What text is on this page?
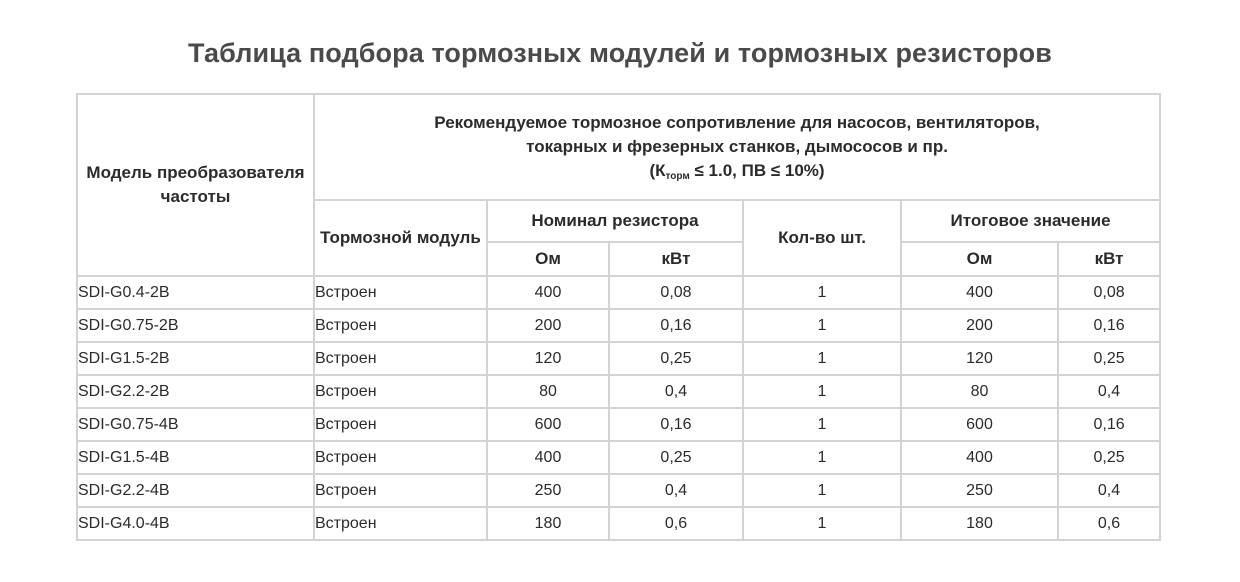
Таблица подбора тормозных модулей и тормозных резисторов
Модель преобразователя частоты	Рекомендуемое тормозное сопротивление для насосов, вентиляторов,
токарных и фрезерных станков, дымососов и пр.
($К_{торм} \le 1.0$, ПВ ≤ 10%)					
	Тормозной модуль	Номинал резистора		Кол-во шт.	Итоговое значение	
		Ом	кВт		Ом	кВт
SDI-G0.4-2B	Встроен	400	0,08	1	400	0,08
SDI-G0.75-2B	Встроен	200	0,16	1	200	0,16
SDI-G1.5-2B	Встроен	120	0,25	1	120	0,25
SDI-G2.2-2B	Встроен	80	0,4	1	80	0,4
SDI-G0.75-4B	Встроен	600	0,16	1	600	0,16
SDI-G1.5-4B	Встроен	400	0,25	1	400	0,25
SDI-G2.2-4B	Встроен	250	0,4	1	250	0,4
SDI-G4.0-4B	Встроен	180	0,6	1	180	0,6
